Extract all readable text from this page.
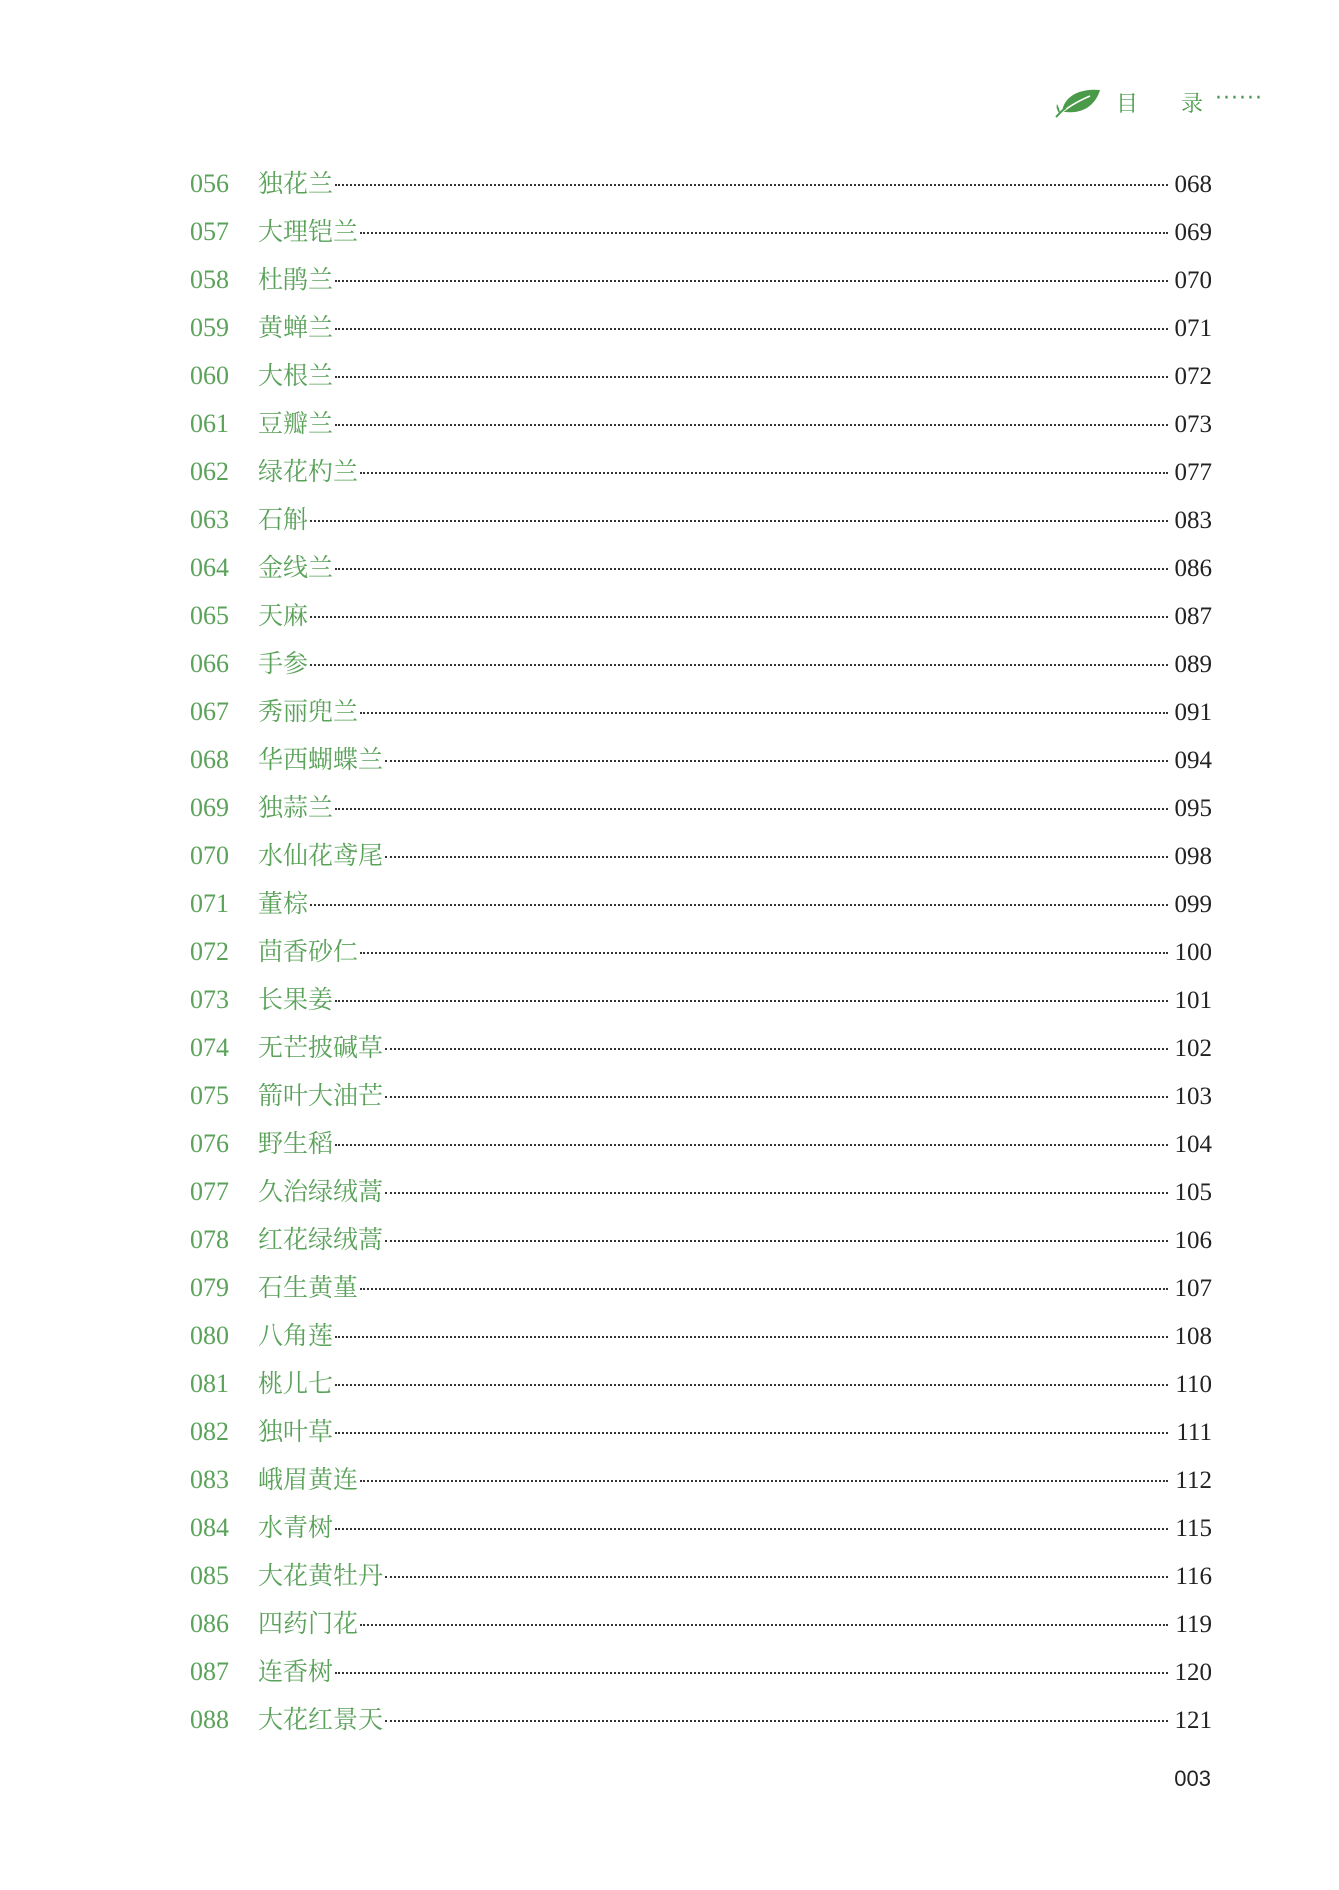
目 录
······
056	独花兰	068
057	大理铠兰	069
058	杜鹃兰	070
059	黄蝉兰	071
060	大根兰	072
061	豆瓣兰	073
062	绿花杓兰	077
063	石斛	083
064	金线兰	086
065	天麻	087
066	手参	089
067	秀丽兜兰	091
068	华西蝴蝶兰	094
069	独蒜兰	095
070	水仙花鸢尾	098
071	董棕	099
072	茴香砂仁	100
073	长果姜	101
074	无芒披碱草	102
075	箭叶大油芒	103
076	野生稻	104
077	久治绿绒蒿	105
078	红花绿绒蒿	106
079	石生黄堇	107
080	八角莲	108
081	桃儿七	110
082	独叶草	111
083	峨眉黄连	112
084	水青树	115
085	大花黄牡丹	116
086	四药门花	119
087	连香树	120
088	大花红景天	121
003
